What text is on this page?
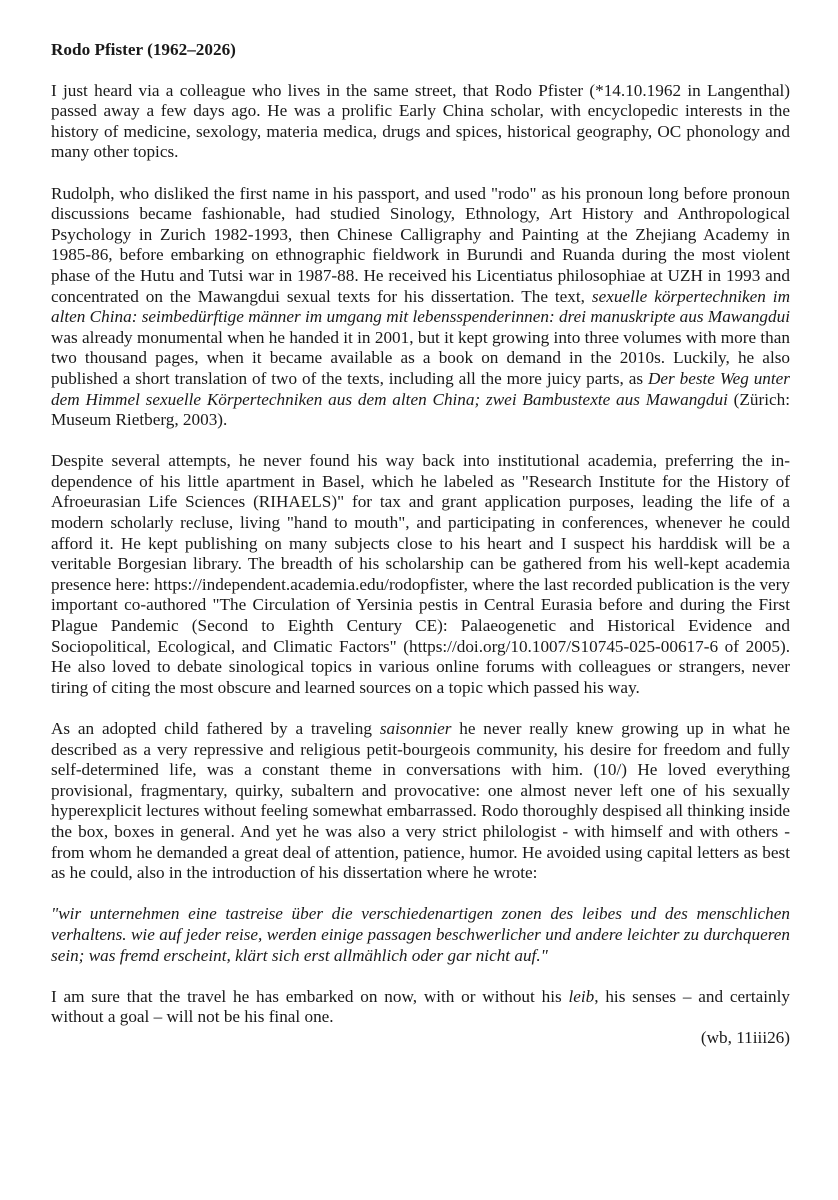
Rodo Pfister (1962–2026)

I just heard via a colleague who lives in the same street, that Rodo Pfister (*14.10.1962 in Langenthal) passed away a few days ago. He was a prolific Early China scholar, with encyclopedic interests in the history of medicine, sexology, materia medica, drugs and spices, historical geography, OC phonology and many other topics.

Rudolph, who disliked the first name in his passport, and used "rodo" as his pronoun long before pronoun discussions became fashionable, had studied Sinology, Ethnology, Art History and Anthropological Psychology in Zurich 1982-1993, then Chinese Calligraphy and Painting at the Zhejiang Academy in 1985-86, before embarking on ethnographic fieldwork in Burundi and Ruanda during the most violent phase of the Hutu and Tutsi war in 1987-88. He received his Licentiatus philosophiae at UZH in 1993 and concentrated on the Mawangdui sexual texts for his dissertation. The text, sexuelle körpertechniken im alten China: seimbedürftige männer im umgang mit lebensspenderinnen: drei manuskripte aus Mawangdui  was already monumental when he handed it in 2001, but it kept growing into three volumes with more than two thousand pages, when it became available as a book on demand in the 2010s. Luckily, he also published a short translation of two of the texts, including all the more juicy parts, as Der beste Weg unter dem Himmel sexuelle Körpertechniken aus dem alten China; zwei Bambustexte aus Mawangdui (Zürich: Museum Rietberg, 2003).

Despite several attempts, he never found his way back into institutional academia, preferring the independence of his little apartment in Basel, which he labeled as "Research Institute for the History of Afroeurasian Life Sciences (RIHAELS)" for tax and grant application purposes, leading the life of a modern scholarly recluse, living "hand to mouth", and participating in conferences, whenever he could afford it. He kept publishing on many subjects close to his heart and I suspect his harddisk will be a veritable Borgesian library. The breadth of his scholarship can be gathered from his well-kept academia presence here: https://independent.academia.edu/rodopfister, where the last recorded publication is the very important co-authored "The Circulation of Yersinia pestis in Central Eurasia before and during the First Plague Pandemic (Second to Eighth Century CE): Palaeogenetic and Historical Evidence and Sociopolitical, Ecological, and Climatic Factors" (https://doi.org/10.1007/S10745-025-00617-6 of 2005). He also loved to debate sinological topics in various online forums with colleagues or strangers, never tiring of citing the most obscure and learned sources on a topic which passed his way.

As an adopted child fathered by a traveling saisonnier he never really knew growing up in what he described as a very repressive and religious petit-bourgeois community, his desire for freedom and fully self-determined life, was a constant theme in conversations with him. (10/) He loved everything provisional, fragmentary, quirky, subaltern and provocative: one almost never left one of his sexually hyperexplicit lectures without feeling somewhat embarrassed. Rodo thoroughly despised all thinking inside the box, boxes in general. And yet he was also a very strict philologist - with himself and with others - from whom he demanded a great deal of attention, patience, humor. He avoided using capital letters as best as he could, also in the introduction of his dissertation where he wrote:

"wir unternehmen eine tastreise über die verschiedenartigen zonen des leibes und des menschlichen verhaltens. wie auf jeder reise, werden einige passagen beschwerlicher und andere leichter zu durchqueren sein; was fremd erscheint, klärt sich erst allmählich oder gar nicht auf."

I am sure that the travel he has embarked on now, with or without his leib, his senses – and certainly without a goal – will not be his final one.

(wb, 11iii26)
